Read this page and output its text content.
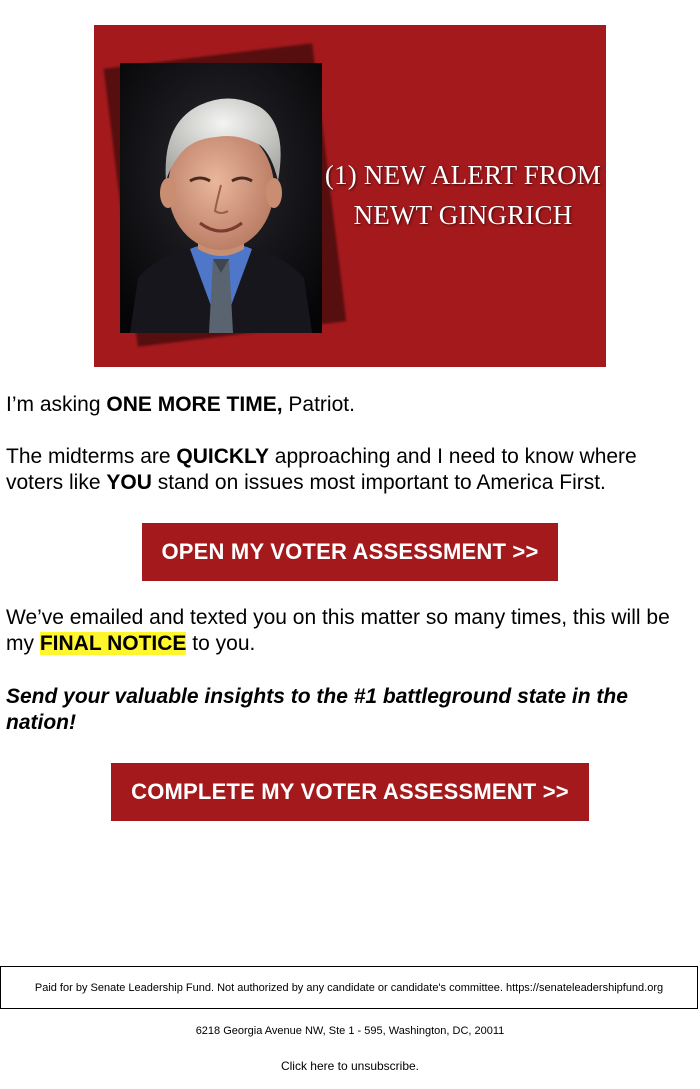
(1) NEW ALERT FROM
NEWT GINGRICH
I’m asking ONE MORE TIME, Patriot.
The midterms are QUICKLY approaching and I need to know where voters like YOU stand on issues most important to America First.
OPEN MY VOTER ASSESSMENT >>
We’ve emailed and texted you on this matter so many times, this will be my FINAL NOTICE to you.
Send your valuable insights to the #1 battleground state in the nation!
COMPLETE MY VOTER ASSESSMENT >>
Paid for by Senate Leadership Fund. Not authorized by any candidate or candidate's committee. https://senateleadershipfund.org
6218 Georgia Avenue NW, Ste 1 - 595, Washington, DC, 20011
Click here to unsubscribe.
